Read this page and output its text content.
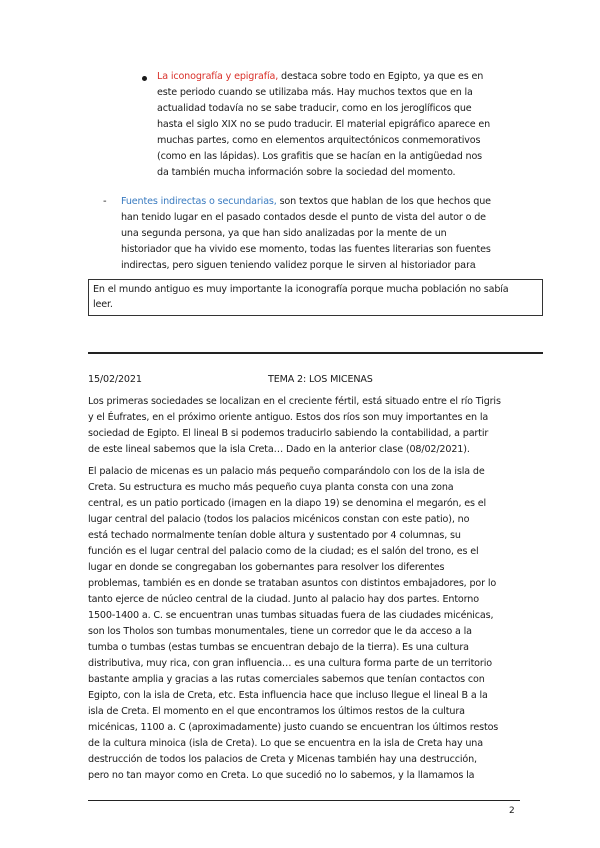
La iconografía y epigrafía, destaca sobre todo en Egipto, ya que es en
este periodo cuando se utilizaba más. Hay muchos textos que en la
actualidad todavía no se sabe traducir, como en los jeroglíficos que
hasta el siglo XIX no se pudo traducir. El material epigráfico aparece en
muchas partes, como en elementos arquitectónicos conmemorativos
(como en las lápidas). Los grafitis que se hacían en la antigüedad nos
da también mucha información sobre la sociedad del momento.
- Fuentes indirectas o secundarias, son textos que hablan de los que hechos que
han tenido lugar en el pasado contados desde el punto de vista del autor o de
una segunda persona, ya que han sido analizadas por la mente de un
historiador que ha vivido ese momento, todas las fuentes literarias son fuentes
indirectas, pero siguen teniendo validez porque le sirven al historiador para
En el mundo antiguo es muy importante la iconografía porque mucha población no sabía
leer.
15/02/2021	TEMA 2: LOS MICENAS
Los primeras sociedades se localizan en el creciente fértil, está situado entre el río Tigris
y el Éufrates, en el próximo oriente antiguo. Estos dos ríos son muy importantes en la
sociedad de Egipto. El lineal B si podemos traducirlo sabiendo la contabilidad, a partir
de este lineal sabemos que la isla Creta… Dado en la anterior clase (08/02/2021).
El palacio de micenas es un palacio más pequeño comparándolo con los de la isla de
Creta. Su estructura es mucho más pequeño cuya planta consta con una zona
central, es un patio porticado (imagen en la diapo 19) se denomina el megarón, es el
lugar central del palacio (todos los palacios micénicos constan con este patio), no
está techado normalmente tenían doble altura y sustentado por 4 columnas, su
función es el lugar central del palacio como de la ciudad; es el salón del trono, es el
lugar en donde se congregaban los gobernantes para resolver los diferentes
problemas, también es en donde se trataban asuntos con distintos embajadores, por lo
tanto ejerce de núcleo central de la ciudad. Junto al palacio hay dos partes. Entorno
1500-1400 a. C. se encuentran unas tumbas situadas fuera de las ciudades micénicas,
son los Tholos son tumbas monumentales, tiene un corredor que le da acceso a la
tumba o tumbas (estas tumbas se encuentran debajo de la tierra). Es una cultura
distributiva, muy rica, con gran influencia… es una cultura forma parte de un territorio
bastante amplia y gracias a las rutas comerciales sabemos que tenían contactos con
Egipto, con la isla de Creta, etc. Esta influencia hace que incluso llegue el lineal B a la
isla de Creta. El momento en el que encontramos los últimos restos de la cultura
micénicas, 1100 a. C (aproximadamente) justo cuando se encuentran los últimos restos
de la cultura minoica (isla de Creta). Lo que se encuentra en la isla de Creta hay una
destrucción de todos los palacios de Creta y Micenas también hay una destrucción,
pero no tan mayor como en Creta. Lo que sucedió no lo sabemos, y la llamamos la
2
